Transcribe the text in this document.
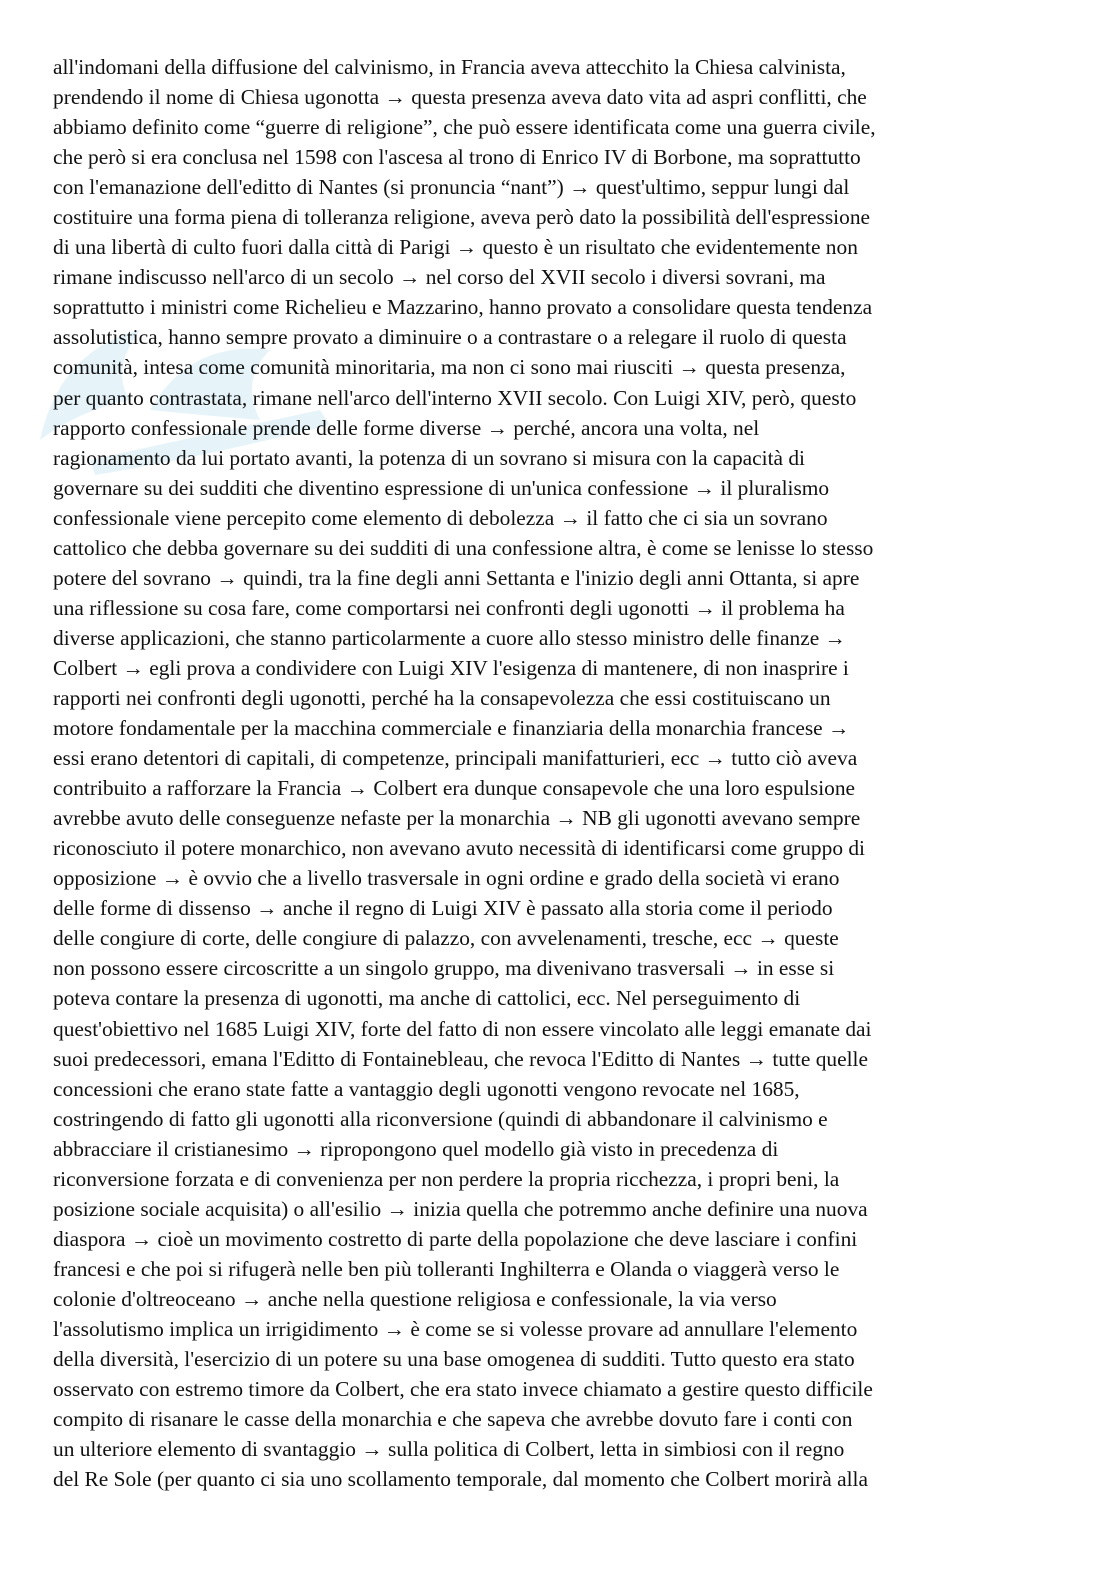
all'indomani della diffusione del calvinismo, in Francia aveva attecchito la Chiesa calvinista,
prendendo il nome di Chiesa ugonotta → questa presenza aveva dato vita ad aspri conflitti, che
abbiamo definito come “guerre di religione”, che può essere identificata come una guerra civile,
che però si era conclusa nel 1598 con l'ascesa al trono di Enrico IV di Borbone, ma soprattutto
con l'emanazione dell'editto di Nantes (si pronuncia “nant”) → quest'ultimo, seppur lungi dal
costituire una forma piena di tolleranza religione, aveva però dato la possibilità dell'espressione
di una libertà di culto fuori dalla città di Parigi → questo è un risultato che evidentemente non
rimane indiscusso nell'arco di un secolo → nel corso del XVII secolo i diversi sovrani, ma
soprattutto i ministri come Richelieu e Mazzarino, hanno provato a consolidare questa tendenza
assolutistica, hanno sempre provato a diminuire o a contrastare o a relegare il ruolo di questa
comunità, intesa come comunità minoritaria, ma non ci sono mai riusciti → questa presenza,
per quanto contrastata, rimane nell'arco dell'interno XVII secolo. Con Luigi XIV, però, questo
rapporto confessionale prende delle forme diverse → perché, ancora una volta, nel
ragionamento da lui portato avanti, la potenza di un sovrano si misura con la capacità di
governare su dei sudditi che diventino espressione di un'unica confessione → il pluralismo
confessionale viene percepito come elemento di debolezza → il fatto che ci sia un sovrano
cattolico che debba governare su dei sudditi di una confessione altra, è come se lenisse lo stesso
potere del sovrano → quindi, tra la fine degli anni Settanta e l'inizio degli anni Ottanta, si apre
una riflessione su cosa fare, come comportarsi nei confronti degli ugonotti → il problema ha
diverse applicazioni, che stanno particolarmente a cuore allo stesso ministro delle finanze →
Colbert → egli prova a condividere con Luigi XIV l'esigenza di mantenere, di non inasprire i
rapporti nei confronti degli ugonotti, perché ha la consapevolezza che essi costituiscano un
motore fondamentale per la macchina commerciale e finanziaria della monarchia francese →
essi erano detentori di capitali, di competenze, principali manifatturieri, ecc → tutto ciò aveva
contribuito a rafforzare la Francia → Colbert era dunque consapevole che una loro espulsione
avrebbe avuto delle conseguenze nefaste per la monarchia → NB gli ugonotti avevano sempre
riconosciuto il potere monarchico, non avevano avuto necessità di identificarsi come gruppo di
opposizione → è ovvio che a livello trasversale in ogni ordine e grado della società vi erano
delle forme di dissenso → anche il regno di Luigi XIV è passato alla storia come il periodo
delle congiure di corte, delle congiure di palazzo, con avvelenamenti, tresche, ecc → queste
non possono essere circoscritte a un singolo gruppo, ma divenivano trasversali → in esse si
poteva contare la presenza di ugonotti, ma anche di cattolici, ecc. Nel perseguimento di
quest'obiettivo nel 1685 Luigi XIV, forte del fatto di non essere vincolato alle leggi emanate dai
suoi predecessori, emana l'Editto di Fontainebleau, che revoca l'Editto di Nantes → tutte quelle
concessioni che erano state fatte a vantaggio degli ugonotti vengono revocate nel 1685,
costringendo di fatto gli ugonotti alla riconversione (quindi di abbandonare il calvinismo e
abbracciare il cristianesimo → ripropongono quel modello già visto in precedenza di
riconversione forzata e di convenienza per non perdere la propria ricchezza, i propri beni, la
posizione sociale acquisita) o all'esilio → inizia quella che potremmo anche definire una nuova
diaspora → cioè un movimento costretto di parte della popolazione che deve lasciare i confini
francesi e che poi si rifugerà nelle ben più tolleranti Inghilterra e Olanda o viaggerà verso le
colonie d'oltreoceano → anche nella questione religiosa e confessionale, la via verso
l'assolutismo implica un irrigidimento → è come se si volesse provare ad annullare l'elemento
della diversità, l'esercizio di un potere su una base omogenea di sudditi. Tutto questo era stato
osservato con estremo timore da Colbert, che era stato invece chiamato a gestire questo difficile
compito di risanare le casse della monarchia e che sapeva che avrebbe dovuto fare i conti con
un ulteriore elemento di svantaggio → sulla politica di Colbert, letta in simbiosi con il regno
del Re Sole (per quanto ci sia uno scollamento temporale, dal momento che Colbert morirà alla
